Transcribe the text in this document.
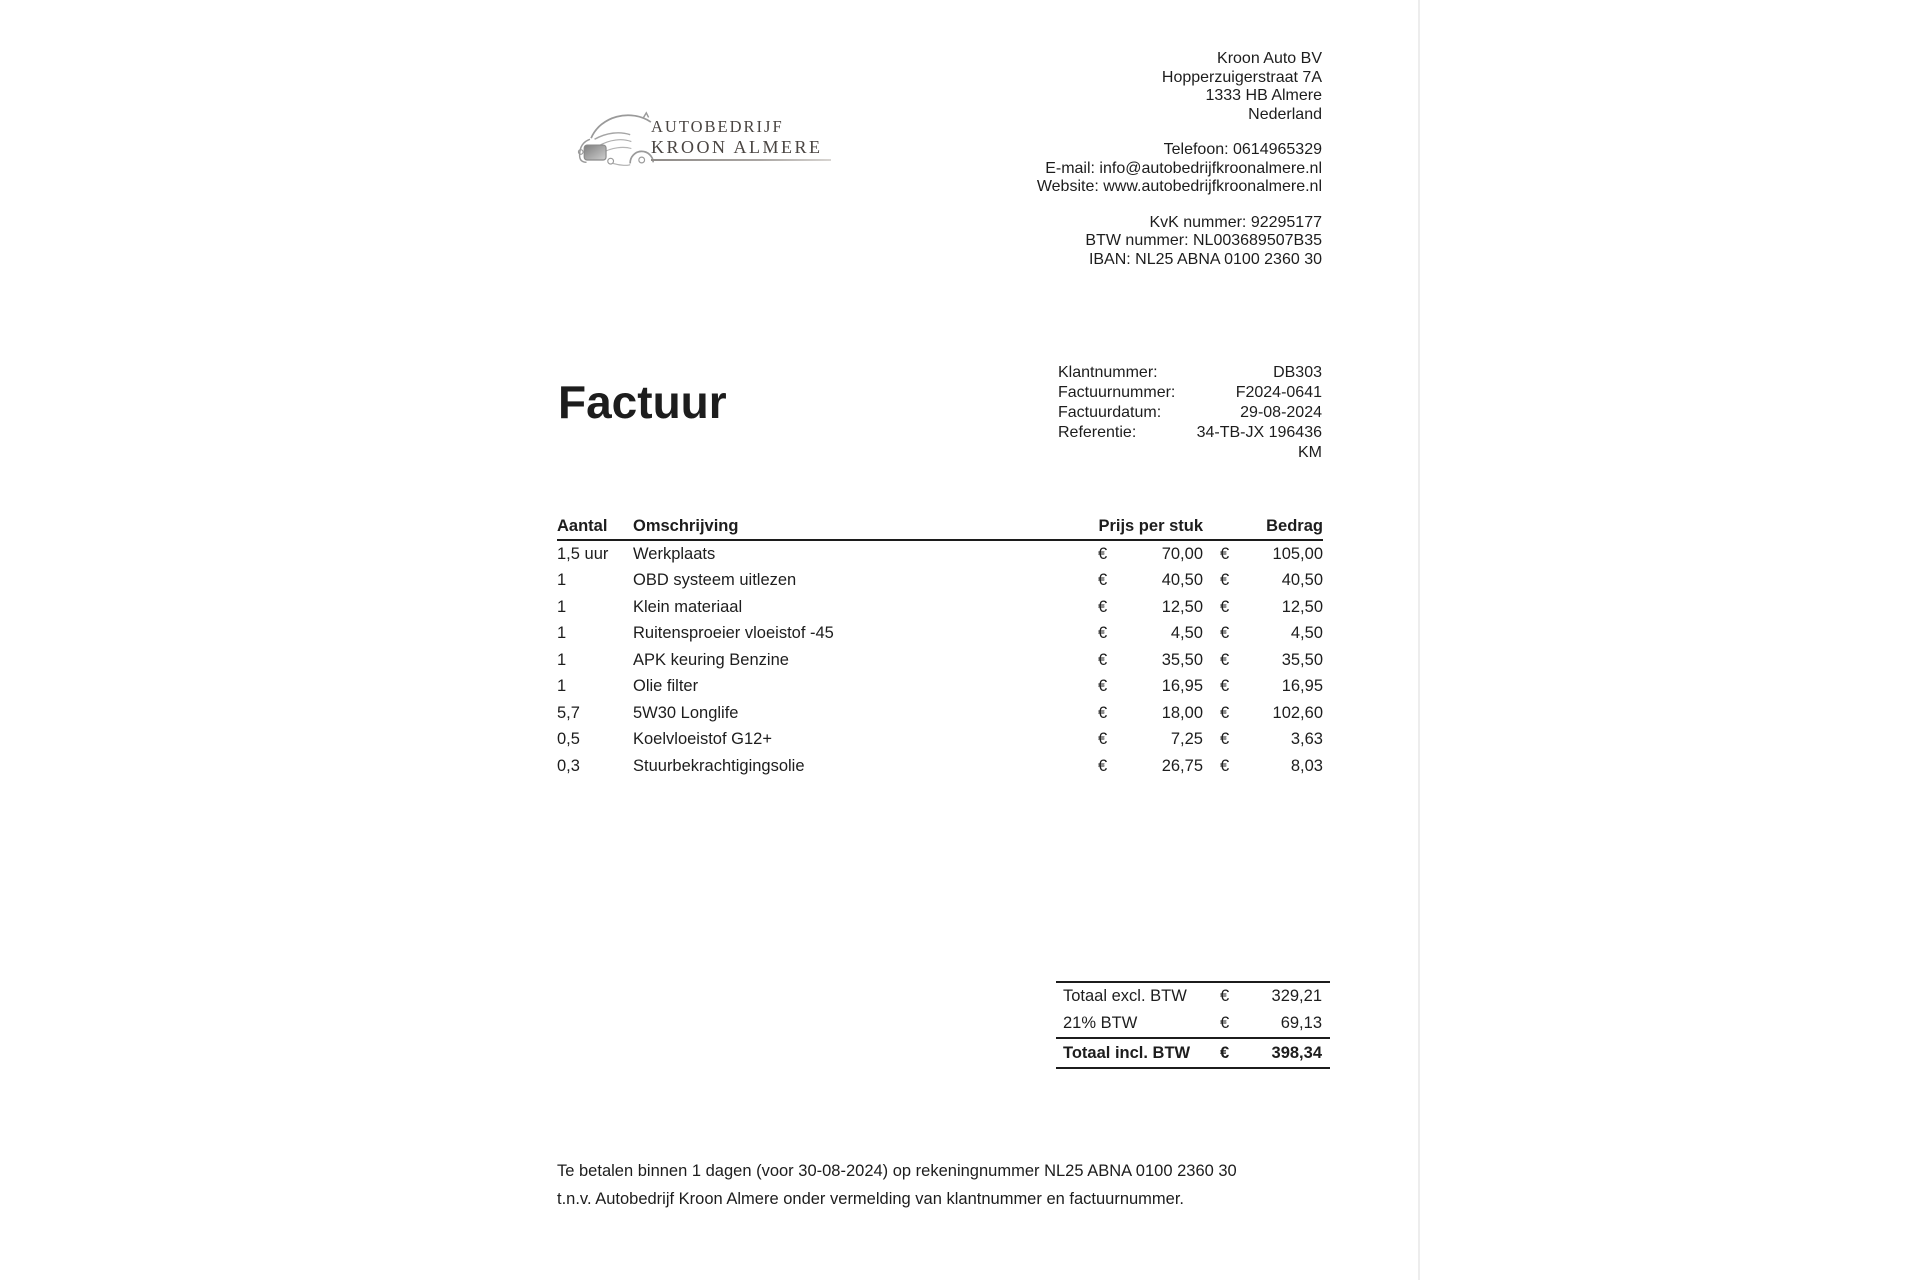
AUTOBEDRIJF
KROON ALMERE
Kroon Auto BV
Hopperzuigerstraat 7A
1333 HB Almere
Nederland
Telefoon: 0614965329
E-mail: info@autobedrijfkroonalmere.nl
Website: www.autobedrijfkroonalmere.nl
KvK nummer: 92295177
BTW nummer: NL003689507B35
IBAN: NL25 ABNA 0100 2360 30
Factuur
Klantnummer:	DB303
Factuurnummer:	F2024-0641
Factuurdatum:	29-08-2024
Referentie:	34-TB-JX 196436
KM
Aantal	Omschrijving	Prijs per stuk	Bedrag
1,5 uur	Werkplaats	€	70,00 €	105,00
1	OBD systeem uitlezen	€	40,50 €	40,50
1	Klein materiaal	€	12,50 €	12,50
1	Ruitensproeier vloeistof -45	€	4,50 €	4,50
1	APK keuring Benzine	€	35,50 €	35,50
1	Olie filter	€	16,95 €	16,95
5,7	5W30 Longlife	€	18,00 €	102,60
0,5	Koelvloeistof G12+	€	7,25 €	3,63
0,3	Stuurbekrachtigingsolie	€	26,75 €	8,03
Totaal excl. BTW	€	329,21
21% BTW	€	69,13
Totaal incl. BTW	€	398,34
Te betalen binnen 1 dagen (voor 30-08-2024) op rekeningnummer NL25 ABNA 0100 2360 30
t.n.v. Autobedrijf Kroon Almere onder vermelding van klantnummer en factuurnummer.
